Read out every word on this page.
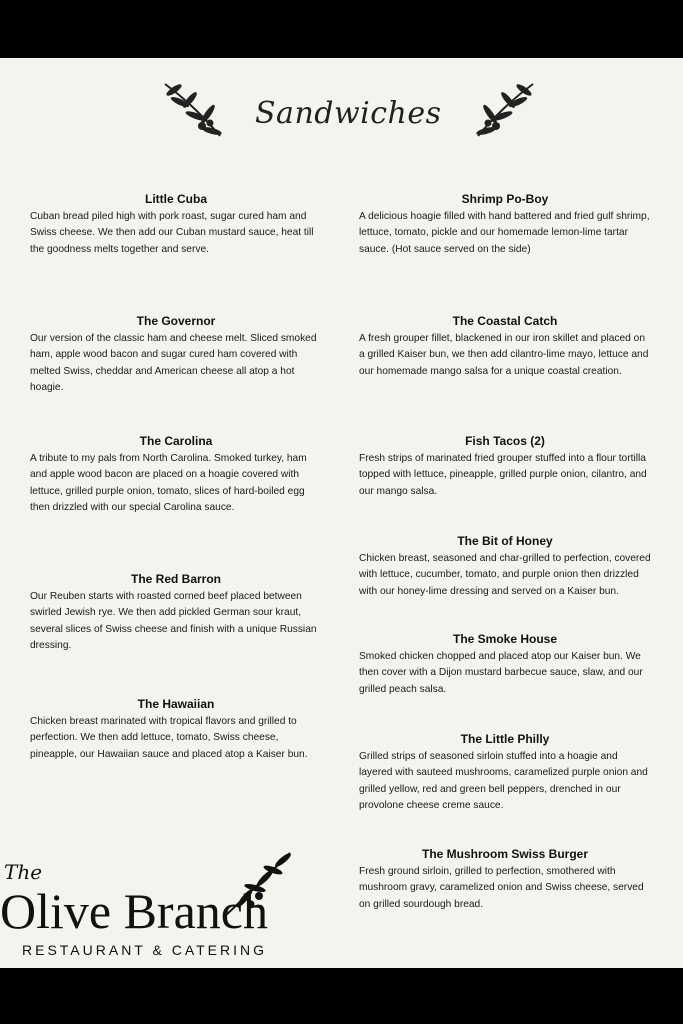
Sandwiches
Little Cuba

Cuban bread piled high with pork roast, sugar cured ham and Swiss cheese. We then add our Cuban mustard sauce, heat till the goodness melts together and serve.

The Governor

Our version of the classic ham and cheese melt. Sliced smoked ham, apple wood bacon and sugar cured ham covered with melted Swiss, cheddar and American cheese all atop a hot hoagie.

The Carolina

A tribute to my pals from North Carolina. Smoked turkey, ham and apple wood bacon are placed on a hoagie covered with lettuce, grilled purple onion, tomato, slices of hard-boiled egg then drizzled with our special Carolina sauce.

The Red Barron

Our Reuben starts with roasted corned beef placed between swirled Jewish rye. We then add pickled German sour kraut, several slices of Swiss cheese and finish with a unique Russian dressing.

The Hawaiian

Chicken breast marinated with tropical flavors and grilled to perfection. We then add lettuce, tomato, Swiss cheese, pineapple, our Hawaiian sauce and placed atop a Kaiser bun.

Shrimp Po-Boy

A delicious hoagie filled with hand battered and fried gulf shrimp, lettuce, tomato, pickle and our homemade lemon-lime tartar sauce. (Hot sauce served on the side)

The Coastal Catch

A fresh grouper fillet, blackened in our iron skillet and placed on a grilled Kaiser bun, we then add cilantro-lime mayo, lettuce and our homemade mango salsa for a unique coastal creation.

Fish Tacos (2)

Fresh strips of marinated fried grouper stuffed into a flour tortilla topped with lettuce, pineapple, grilled purple onion, cilantro, and our mango salsa.

The Bit of Honey

Chicken breast, seasoned and char-grilled to perfection, covered with lettuce, cucumber, tomato, and purple onion then drizzled with our honey-lime dressing and served on a Kaiser bun.

The Smoke House

Smoked chicken chopped and placed atop our Kaiser bun. We then cover with a Dijon mustard barbecue sauce, slaw, and our grilled peach salsa.

The Little Philly

Grilled strips of seasoned sirloin stuffed into a hoagie and layered with sauteed mushrooms, caramelized purple onion and grilled yellow, red and green bell peppers, drenched in our provolone cheese creme sauce.

The Mushroom Swiss Burger

Fresh ground sirloin, grilled to perfection, smothered with mushroom gravy, caramelized onion and Swiss cheese, served on grilled sourdough bread.

The
Olive Branch
RESTAURANT & CATERING
